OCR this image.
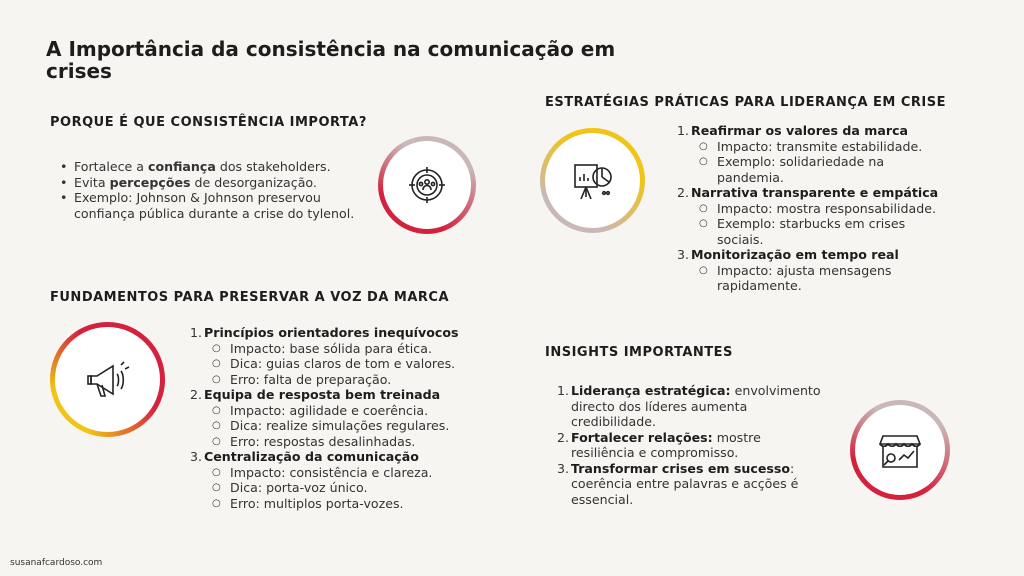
A Importância da consistência na comunicação em crises
PORQUE É QUE CONSISTÊNCIA IMPORTA?
• Fortalece a confiança dos stakeholders.
• Evita percepções de desorganização.
• Exemplo: Johnson & Johnson preservou confiança pública durante a crise do tylenol.
FUNDAMENTOS PARA PRESERVAR A VOZ DA MARCA
1. Princípios orientadores inequívocos
○ Impacto: base sólida para ética.
○ Dica: guias claros de tom e valores.
○ Erro: falta de preparação.
2. Equipa de resposta bem treinada
○ Impacto: agilidade e coerência.
○ Dica: realize simulações regulares.
○ Erro: respostas desalinhadas.
3. Centralização da comunicação
○ Impacto: consistência e clareza.
○ Dica: porta-voz único.
○ Erro: multiplos porta-vozes.
ESTRATÉGIAS PRÁTICAS PARA LIDERANÇA EM CRISE
1. Reafirmar os valores da marca
○ Impacto: transmite estabilidade.
○ Exemplo: solidariedade na pandemia.
2. Narrativa transparente e empática
○ Impacto: mostra responsabilidade.
○ Exemplo: starbucks em crises sociais.
3. Monitorização em tempo real
○ Impacto: ajusta mensagens rapidamente.
INSIGHTS IMPORTANTES
1. Liderança estratégica: envolvimento directo dos líderes aumenta credibilidade.
2. Fortalecer relações: mostre resiliência e compromisso.
3. Transformar crises em sucesso: coerência entre palavras e acções é essencial.
susanafcardoso.com
